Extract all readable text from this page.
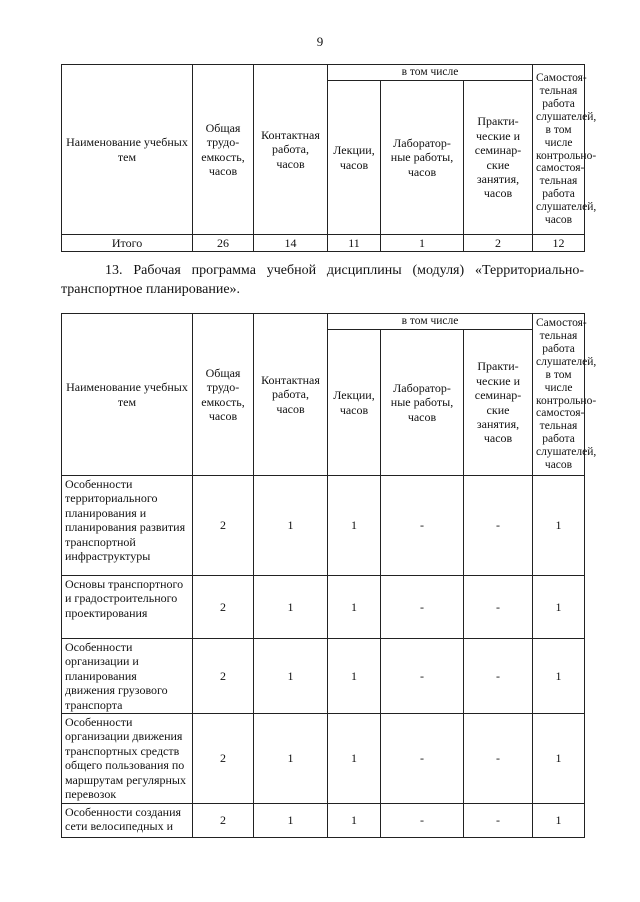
9
Наименование учебных тем	Общая трудо-емкость, часов	Контактная работа, часов	в том числе			Самостоя-тельная работа слушателей, в том числе контрольно-самостоя-тельная работа слушателей, часов
			Лекции, часов	Лаборатор-ные работы, часов	Практи-ческие и семинар-ские занятия, часов	
Итого	26	14	11	1	2	12

13. Рабочая программа учебной дисциплины (модуля) «Территориально-транспортное планирование».

Наименование учебных тем	Общая трудо-емкость, часов	Контактная работа, часов	в том числе			Самостоя-тельная работа слушателей, в том числе контрольно-самостоя-тельная работа слушателей, часов
			Лекции, часов	Лаборатор-ные работы, часов	Практи-ческие и семинар-ские занятия, часов	
Особенности территориального планирования и планирования развития транспортной инфраструктуры	2	1	1	-	-	1
Основы транспортного и градостроительного проектирования	2	1	1	-	-	1
Особенности организации и планирования движения грузового транспорта	2	1	1	-	-	1
Особенности организации движения транспортных средств общего пользования по маршрутам регулярных перевозок	2	1	1	-	-	1
Особенности создания сети велосипедных и	2	1	1	-	-	1
